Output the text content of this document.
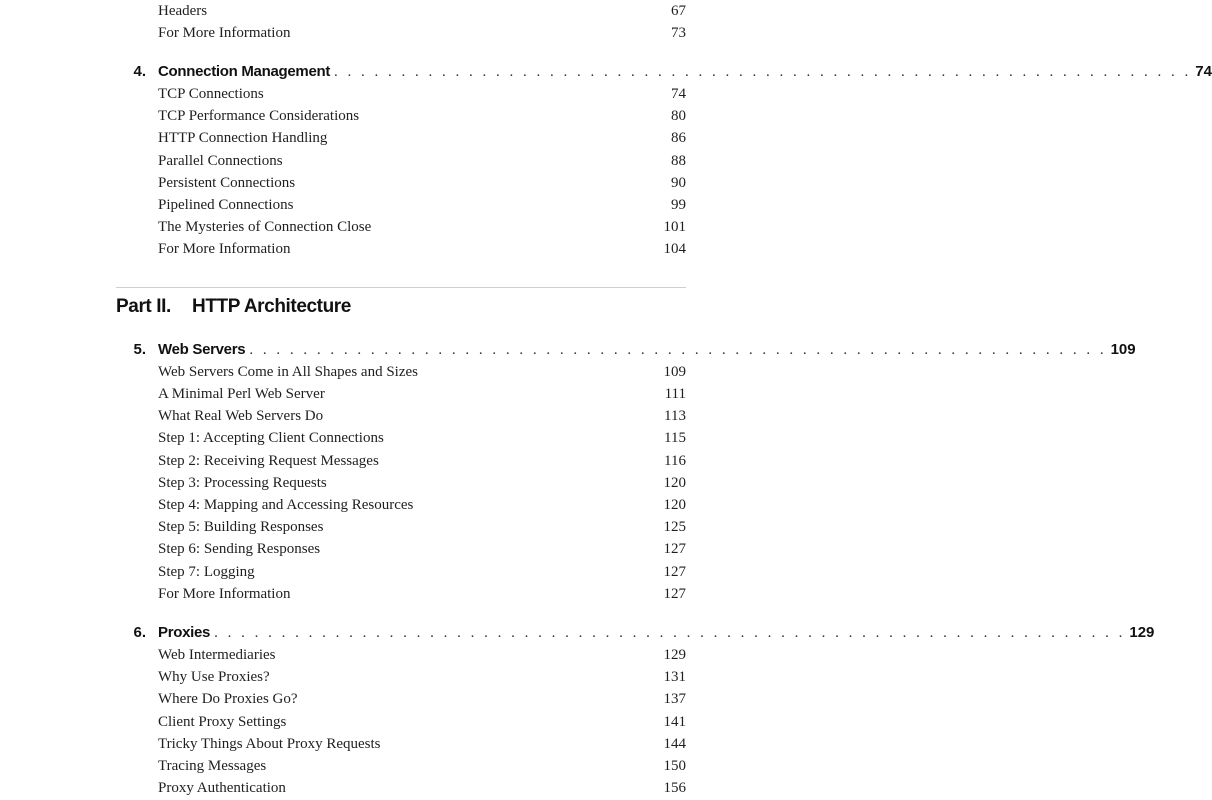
Headers	67
For More Information	73
4. Connection Management . . . . . . . . . . . . . . . . . . . . . . . . . . . . . . . . . . . . . . . . . . . . . . . . . . . . . . . . . . . . . . . . 74
TCP Connections	74
TCP Performance Considerations	80
HTTP Connection Handling	86
Parallel Connections	88
Persistent Connections	90
Pipelined Connections	99
The Mysteries of Connection Close	101
For More Information	104
Part II. HTTP Architecture
5. Web Servers . . . . . . . . . . . . . . . . . . . . . . . . . . . . . . . . . . . . . . . . . . . . . . . . . . . . . . . . . . . . . . . . 109
Web Servers Come in All Shapes and Sizes	109
A Minimal Perl Web Server	111
What Real Web Servers Do	113
Step 1: Accepting Client Connections	115
Step 2: Receiving Request Messages	116
Step 3: Processing Requests	120
Step 4: Mapping and Accessing Resources	120
Step 5: Building Responses	125
Step 6: Sending Responses	127
Step 7: Logging	127
For More Information	127
6. Proxies . . . . . . . . . . . . . . . . . . . . . . . . . . . . . . . . . . . . . . . . . . . . . . . . . . . . . . . . . . . . . . . . . . . . 129
Web Intermediaries	129
Why Use Proxies?	131
Where Do Proxies Go?	137
Client Proxy Settings	141
Tricky Things About Proxy Requests	144
Tracing Messages	150
Proxy Authentication	156
